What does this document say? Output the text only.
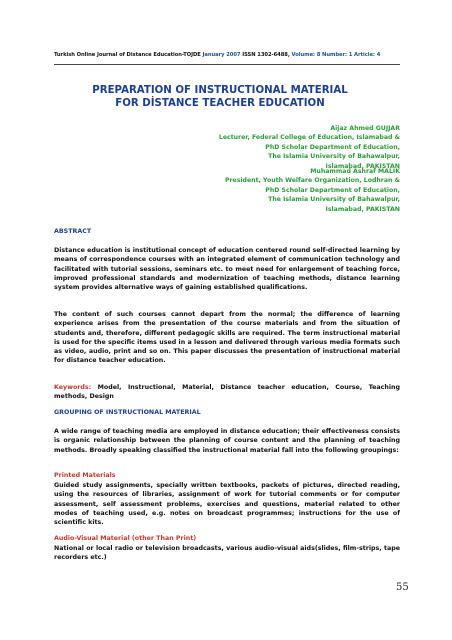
Turkish Online Journal of Distance Education-TOJDE January 2007 ISSN 1302-6488, Volume: 8 Number: 1 Article: 4
PREPARATION OF INSTRUCTIONAL MATERIAL
FOR DİSTANCE TEACHER EDUCATION
Aijaz Ahmed GUJJAR
Lecturer, Federal College of Education, Islamabad &
PhD Scholar Department of Education,
The Islamia University of Bahawalpur,
Islamabad, PAKISTAN
Muhammad Ashraf MALIK
President, Youth Welfare Organization, Lodhran &
PhD Scholar Department of Education,
The Islamia University of Bahawalpur,
Islamabad, PAKISTAN
ABSTRACT
Distance education is institutional concept of education centered round self-directed learning by means of correspondence courses with an integrated element of communication technology and facilitated with tutorial sessions, seminars etc. to meet need for enlargement of teaching force, improved professional standards and modernization of teaching methods, distance learning system provides alternative ways of gaining established qualifications.
The content of such courses cannot depart from the normal; the difference of learning experience arises from the presentation of the course materials and from the situation of students and, therefore, different pedagogic skills are required. The term instructional material is used for the specific items used in a lesson and delivered through various media formats such as video, audio, print and so on. This paper discusses the presentation of instructional material for distance teacher education.
Keywords: Model, Instructional, Material, Distance teacher education, Course, Teaching methods, Design
GROUPING OF INSTRUCTIONAL MATERIAL
A wide range of teaching media are employed in distance education; their effectiveness consists is organic relationship between the planning of course content and the planning of teaching methods. Broadly speaking classified the instructional material fall into the following groupings:
Printed Materials
Guided study assignments, specially written textbooks, packets of pictures, directed reading, using the resources of libraries, assignment of work for tutorial comments or for computer assessment, self assessment problems, exercises and questions, material related to other modes of teaching used, e.g. notes on broadcast programmes; instructions for the use of scientific kits.
Audio-Visual Material (other Than Print)
National or local radio or television broadcasts, various audio-visual aids(slides, film-strips, tape recorders etc.)
55
